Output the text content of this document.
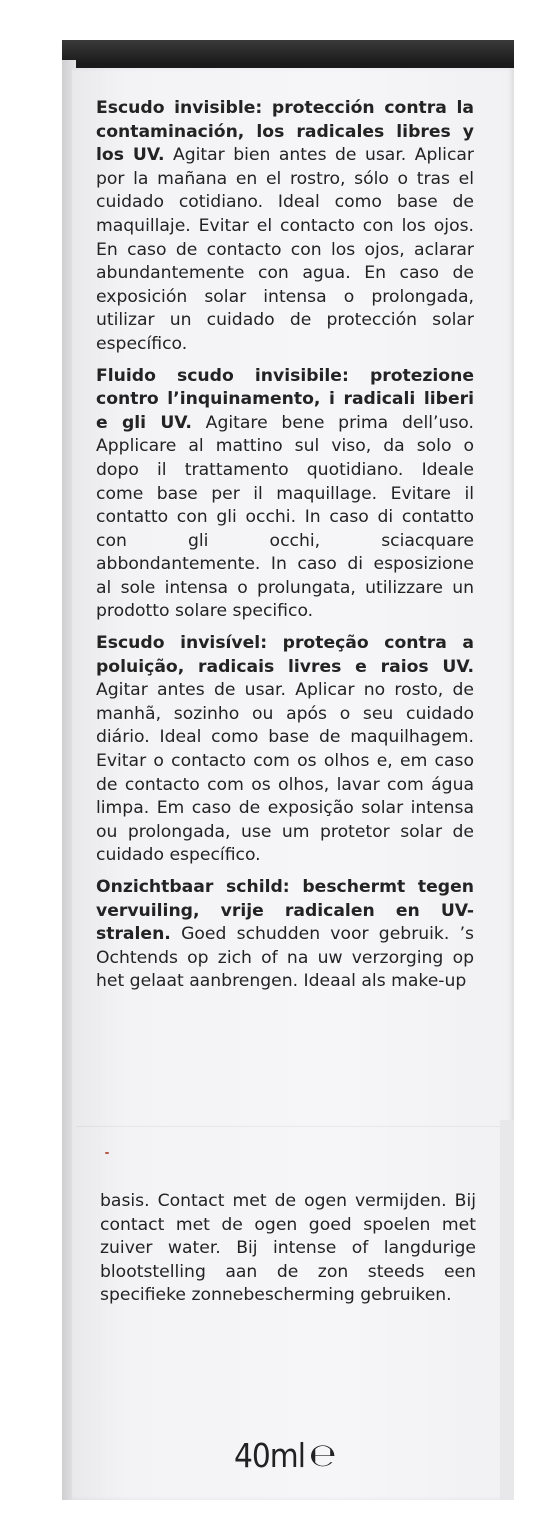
Escudo invisible: protección contra la contaminación, los radicales libres y los UV. Agitar bien antes de usar. Aplicar por la mañana en el rostro, sólo o tras el cuidado cotidiano. Ideal como base de maquillaje. Evitar el contacto con los ojos. En caso de contacto con los ojos, aclarar abundantemente con agua. En caso de exposición solar intensa o prolongada, utilizar un cuidado de protección solar específico.

Fluido scudo invisibile: protezione contro l’inquinamento, i radicali liberi e gli UV. Agitare bene prima dell’uso. Applicare al mattino sul viso, da solo o dopo il trattamento quotidiano. Ideale come base per il maquillage. Evitare il contatto con gli occhi. In caso di contatto con gli occhi, sciacquare abbondantemente. In caso di esposizione al sole intensa o prolungata, utilizzare un prodotto solare specifico.

Escudo invisível: proteção contra a poluição, radicais livres e raios UV. Agitar antes de usar. Aplicar no rosto, de manhã, sozinho ou após o seu cuidado diário. Ideal como base de maquilhagem. Evitar o contacto com os olhos e, em caso de contacto com os olhos, lavar com água limpa. Em caso de exposição solar intensa ou prolongada, use um protetor solar de cuidado específico.

Onzichtbaar schild: beschermt tegen vervuiling, vrije radicalen en UV-stralen. Goed schudden voor gebruik. ’s Ochtends op zich of na uw verzorging op het gelaat aanbrengen. Ideaal als make-up

basis. Contact met de ogen vermijden. Bij contact met de ogen goed spoelen met zuiver water. Bij intense of langdurige blootstelling aan de zon steeds een specifieke zonnebescherming gebruiken.

40ml ℮
